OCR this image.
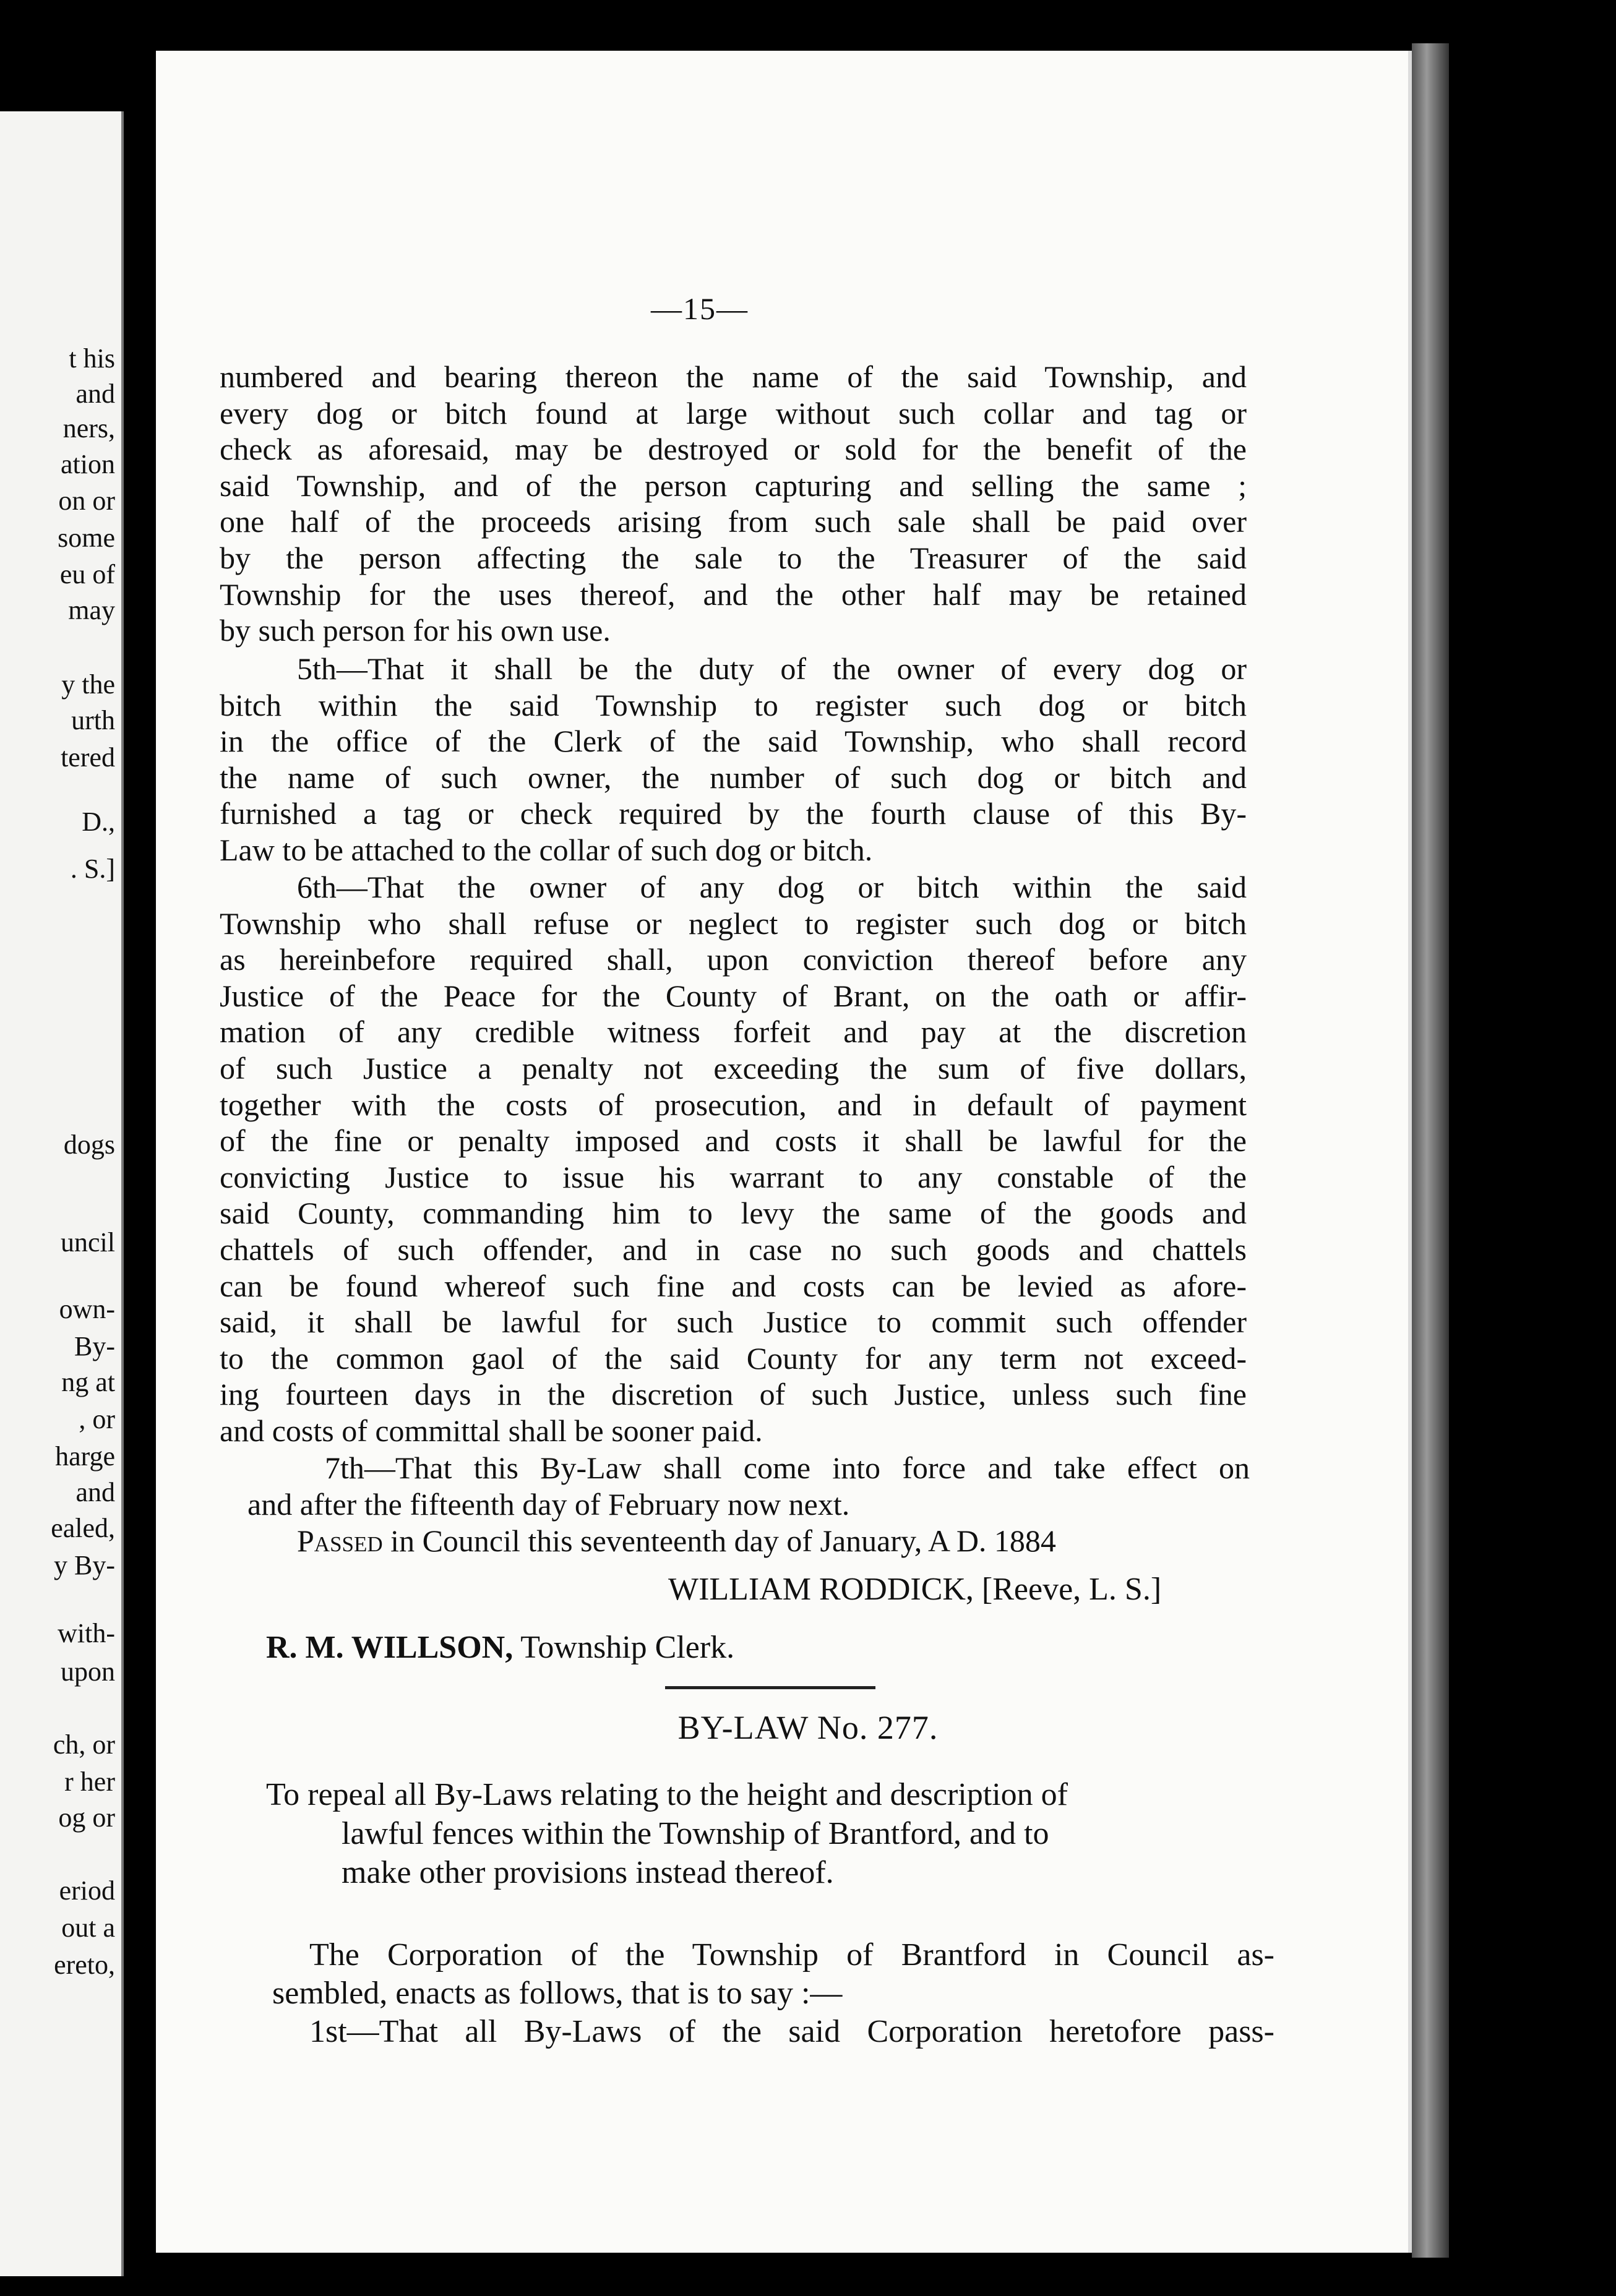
t his
and
ners,
ation
on or
some
eu of
may
y the
urth
tered
D.,
. S.]
dogs
uncil
own-
By-
ng at
, or
harge
and
ealed,
y By-
with-
upon
ch, or
r her
og or
eriod
out a
ereto,
—15—

numbered and bearing thereon the name of the said Township, and

every dog or bitch found at large without such collar and tag or

check as aforesaid, may be destroyed or sold for the benefit of the

said Township, and of the person capturing and selling the same ;

one half of the proceeds arising from such sale shall be paid over

by the person affecting the sale to the Treasurer of the said

Township for the uses thereof, and the other half may be retained

by such person for his own use.

5th—That it shall be the duty of the owner of every dog or

bitch within the said Township to register such dog or bitch

in the office of the Clerk of the said Township, who shall record

the name of such owner, the number of such dog or bitch and

furnished a tag or check required by the fourth clause of this By-

Law to be attached to the collar of such dog or bitch.

6th—That the owner of any dog or bitch within the said

Township who shall refuse or neglect to register such dog or bitch

as hereinbefore required shall, upon conviction thereof before any

Justice of the Peace for the County of Brant, on the oath or affir-

mation of any credible witness forfeit and pay at the discretion

of such Justice a penalty not exceeding the sum of five dollars,

together with the costs of prosecution, and in default of payment

of the fine or penalty imposed and costs it shall be lawful for the

convicting Justice to issue his warrant to any constable of the

said County, commanding him to levy the same of the goods and

chattels of such offender, and in case no such goods and chattels

can be found whereof such fine and costs can be levied as afore-

said, it shall be lawful for such Justice to commit such offender

to the common gaol of the said County for any term not exceed-

ing fourteen days in the discretion of such Justice, unless such fine

and costs of committal shall be sooner paid.

7th—That this By-Law shall come into force and take effect on

and after the fifteenth day of February now next.

Passed in Council this seventeenth day of January, A D. 1884

WILLIAM RODDICK, [Reeve, L. S.]
R. M. WILLSON, Township Clerk.
BY-LAW No. 277.

To repeal all By-Laws relating to the height and description of

lawful fences within the Township of Brantford, and to

make other provisions instead thereof.

The Corporation of the Township of Brantford in Council as-

sembled, enacts as follows, that is to say :—

1st—That all By-Laws of the said Corporation heretofore pass-
